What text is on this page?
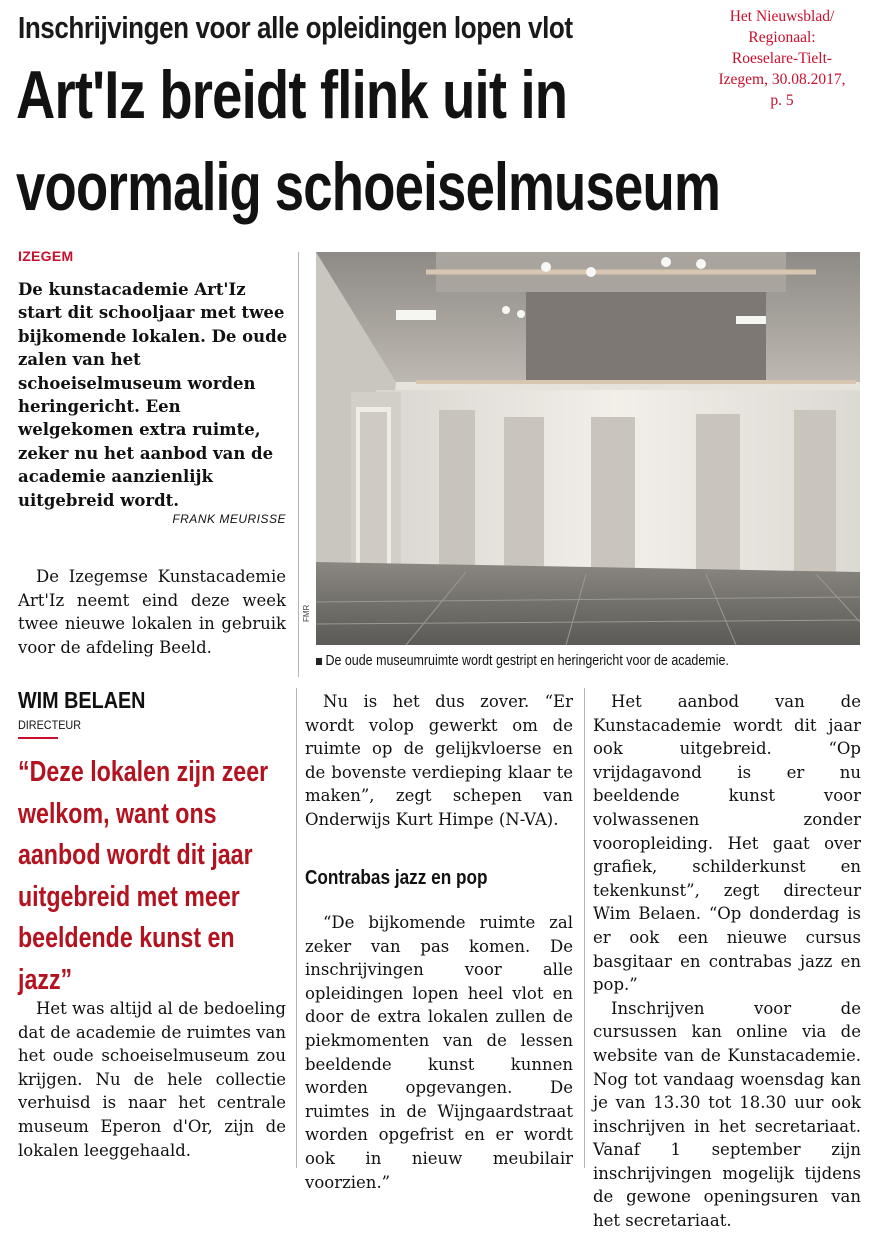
Inschrijvingen voor alle opleidingen lopen vlot
Art'Iz breidt flink uit in
voormalig schoeiselmuseum
Het Nieuwsblad/
Regionaal:
Roeselare-Tielt-
Izegem, 30.08.2017,
p. 5
IZEGEM
De kunstacademie Art'Iz start dit schooljaar met twee bijkomende lokalen. De oude zalen van het schoeiselmuseum worden heringericht. Een welgekomen extra ruimte, zeker nu het aanbod van de academie aanzienlijk uitgebreid wordt.
FRANK MEURISSE
FMR
De oude museumruimte wordt gestript en heringericht voor de academie.

De Izegemse Kunstacademie Art'Iz neemt eind deze week twee nieuwe lokalen in gebruik voor de afdeling Beeld.

WIM BELAEN
DIRECTEUR
“Deze lokalen zijn zeer welkom, want ons aanbod wordt dit jaar uitgebreid met meer beeldende kunst en jazz”

Het was altijd al de bedoeling dat de academie de ruimtes van het oude schoeiselmuseum zou krijgen. Nu de hele collectie verhuisd is naar het centrale museum Eperon d'Or, zijn de lokalen leeggehaald.

Nu is het dus zover. “Er wordt volop gewerkt om de ruimte op de gelijkvloerse en de bovenste verdieping klaar te maken”, zegt schepen van Onderwijs Kurt Himpe (N-VA).

Contrabas jazz en pop

“De bijkomende ruimte zal zeker van pas komen. De inschrijvingen voor alle opleidingen lopen heel vlot en door de extra lokalen zullen de piekmomenten van de lessen beeldende kunst kunnen worden opgevangen. De ruimtes in de Wijngaardstraat worden opgefrist en er wordt ook in nieuw meubilair voorzien.”

Het aanbod van de Kunstacademie wordt dit jaar ook uitgebreid. “Op vrijdagavond is er nu beeldende kunst voor volwassenen zonder vooropleiding. Het gaat over grafiek, schilderkunst en tekenkunst”, zegt directeur Wim Belaen. “Op donderdag is er ook een nieuwe cursus basgitaar en contrabas jazz en pop.”

Inschrijven voor de cursussen kan online via de website van de Kunstacademie. Nog tot vandaag woensdag kan je van 13.30 tot 18.30 uur ook inschrijven in het secretariaat. Vanaf 1 september zijn inschrijvingen mogelijk tijdens de gewone openingsuren van het secretariaat.
